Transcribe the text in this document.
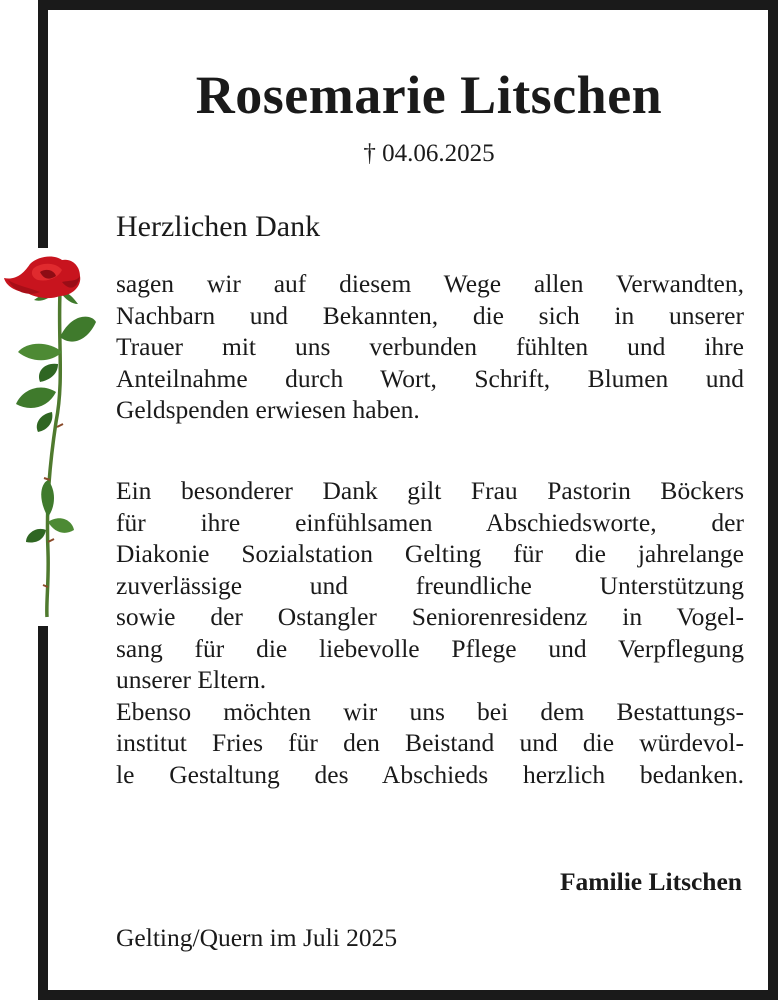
Rosemarie Litschen
† 04.06.2025
Herzlichen Dank
sagen wir auf diesem Wege allen Verwandten,
Nachbarn und Bekannten, die sich in unserer
Trauer mit uns verbunden fühlten und ihre
Anteilnahme durch Wort, Schrift, Blumen und
Geldspenden erwiesen haben.
Ein besonderer Dank gilt Frau Pastorin Böckers
für ihre einfühlsamen Abschiedsworte, der
Diakonie Sozialstation Gelting für die jahrelange
zuverlässige und freundliche Unterstützung
sowie der Ostangler Seniorenresidenz in Vogel-
sang für die liebevolle Pflege und Verpflegung
unserer Eltern.
Ebenso möchten wir uns bei dem Bestattungs-
institut Fries für den Beistand und die würdevol-
le Gestaltung des Abschieds herzlich bedanken.
Familie Litschen
Gelting/Quern im Juli 2025
